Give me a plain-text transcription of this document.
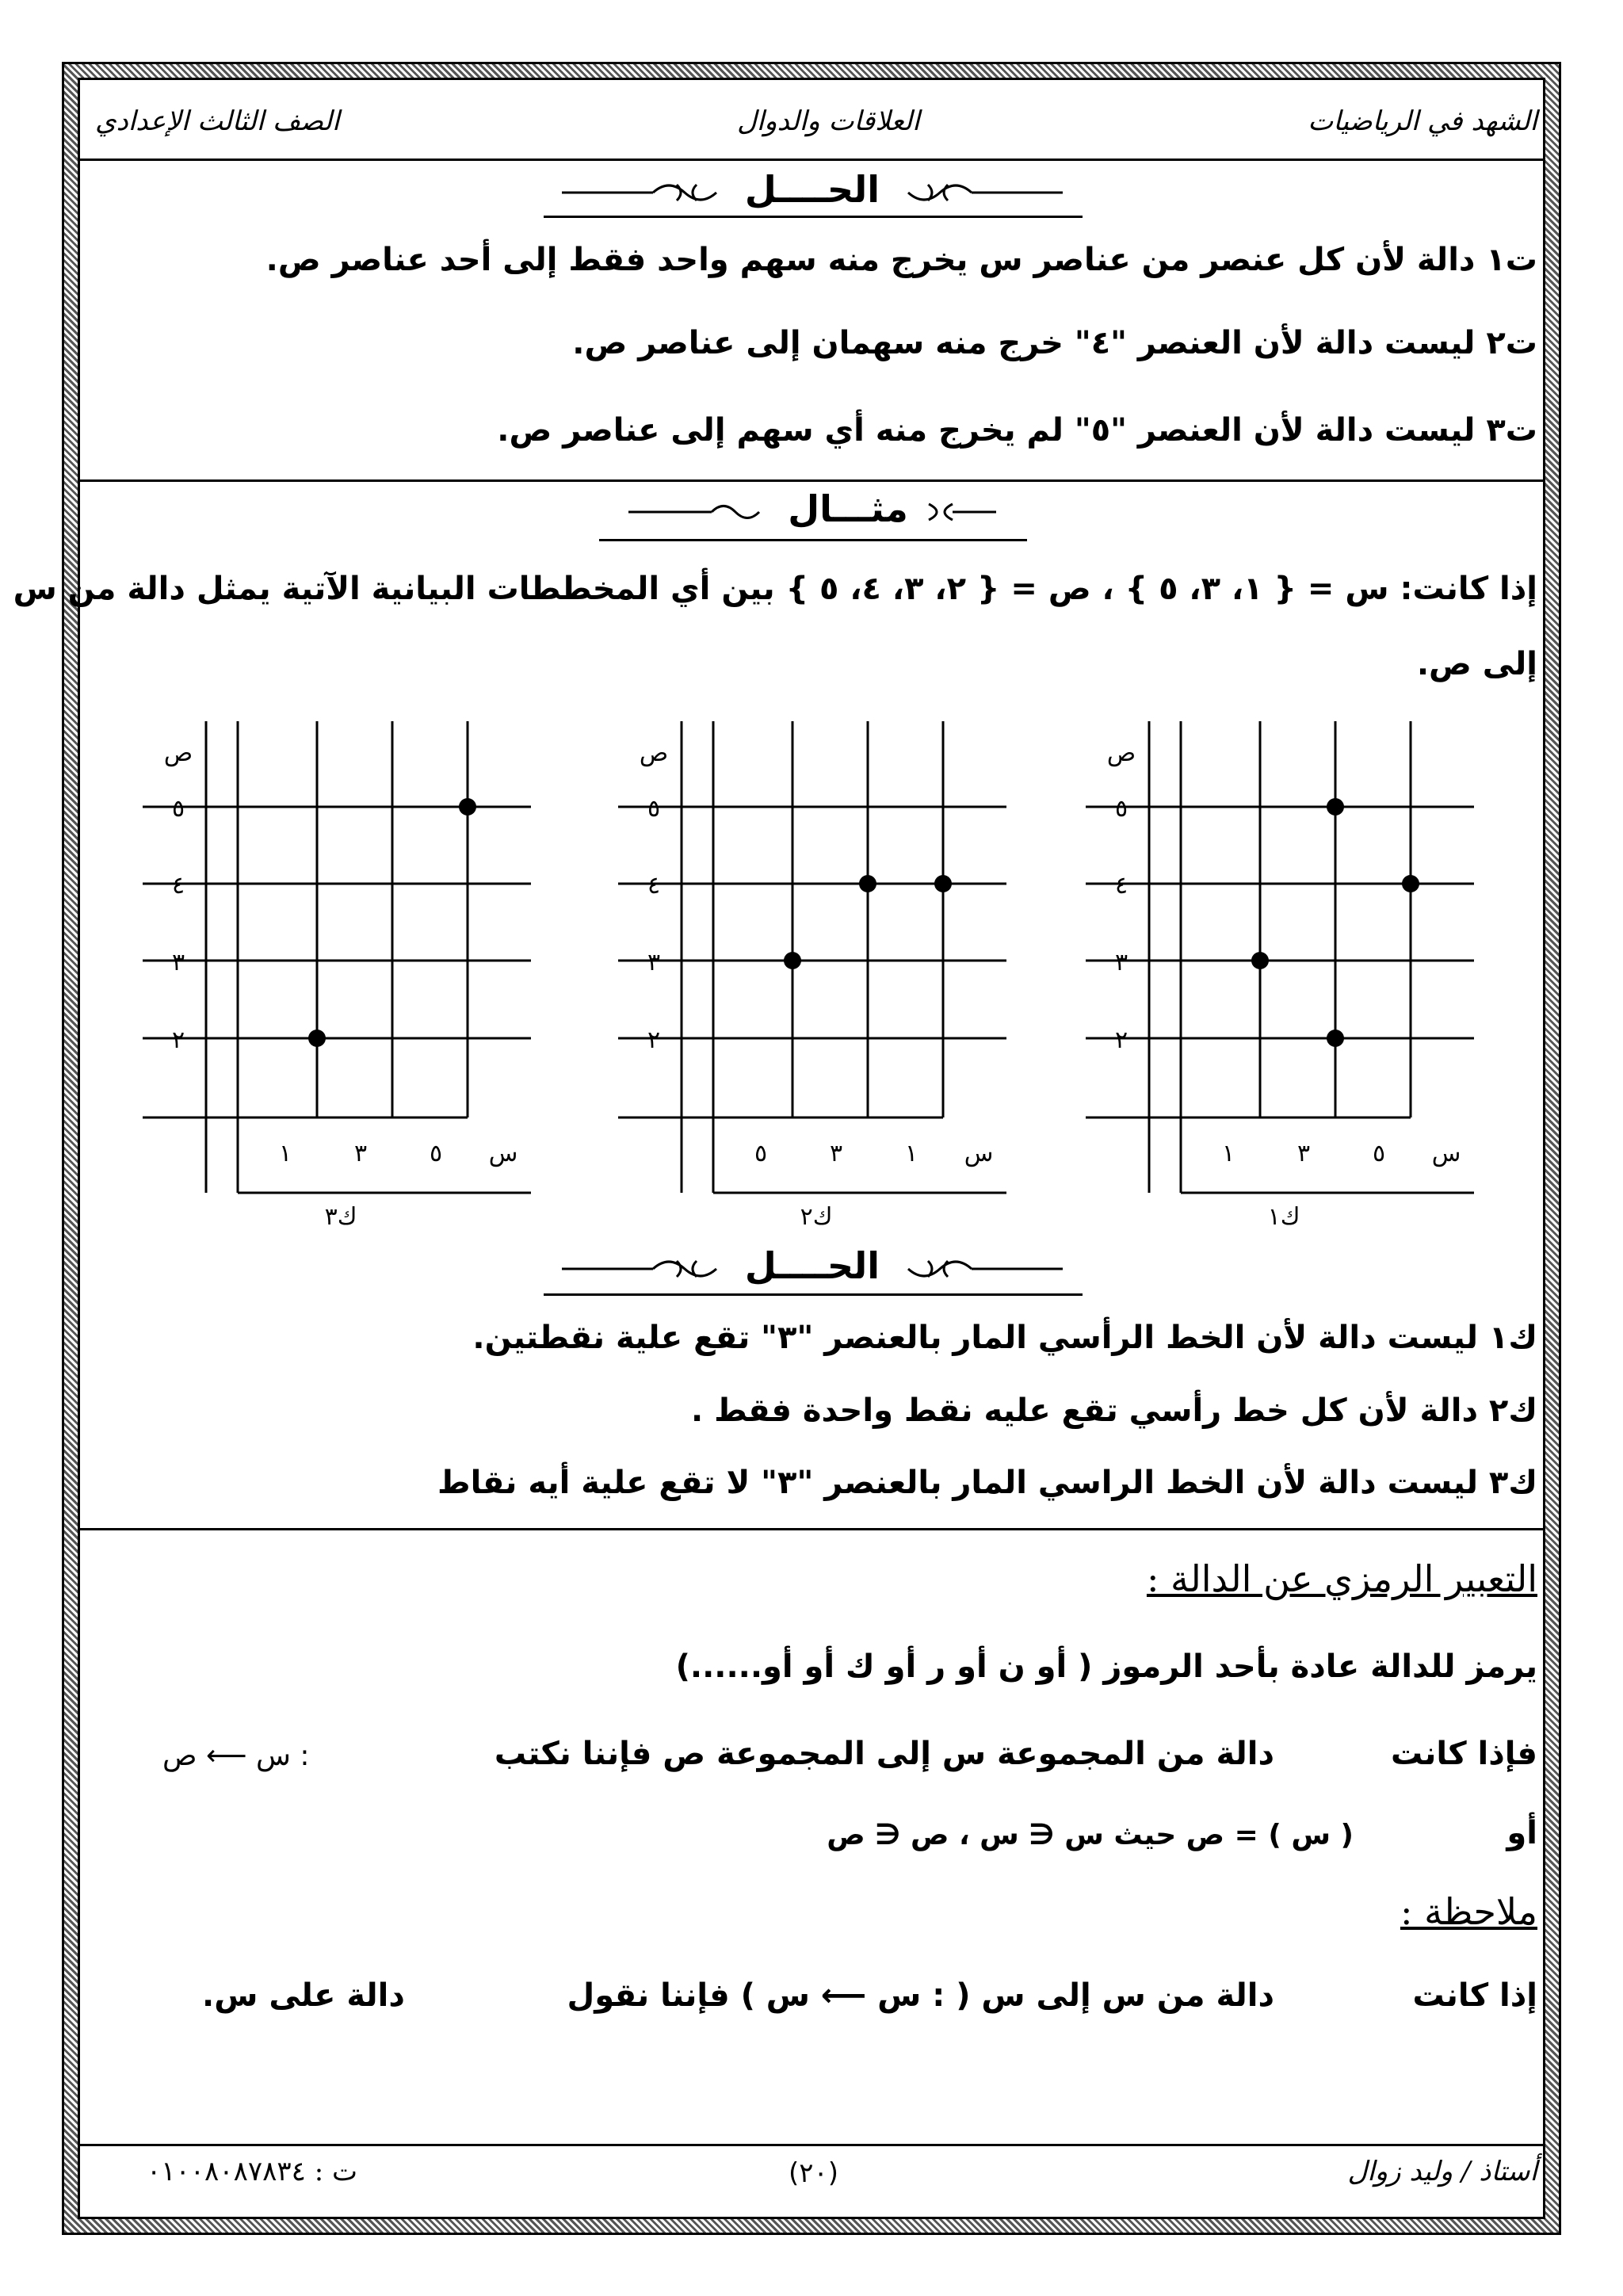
الشهد في الرياضيات
العلاقات والدوال
الصف الثالث الإعدادي
الحــــل
ت١ دالة لأن كل عنصر من عناصر س يخرج منه سهم واحد فقط إلى أحد عناصر ص.
ت٢ ليست دالة لأن العنصر "٤" خرج منه سهمان إلى عناصر ص.
ت٣ ليست دالة لأن العنصر "٥" لم يخرج منه أي سهم إلى عناصر ص.
مثـــال
إذا كانت: س = { ١، ٣، ٥ } ، ص = { ٢، ٣، ٤، ٥ } بين أي المخططات البيانية الآتية يمثل دالة من س
إلى ص.
ص
٥
٤
٣
٢
س
٥
٣
١
ك١
ص
٥
٤
٣
٢
س
١
٣
٥
ك٢
ص
٥
٤
٣
٢
س
٥
٣
١
ك٣
الحــــل
ك١ ليست دالة لأن الخط الرأسي المار بالعنصر "٣" تقع علية نقطتين.
ك٢ دالة لأن كل خط رأسي تقع عليه نقط واحدة فقط .
ك٣ ليست دالة لأن الخط الراسي المار بالعنصر "٣" لا تقع علية أيه نقاط
التعبير الرمزي عن الدالة :
يرمز للدالة عادة بأحد الرموز ( أو ن أو ر أو ك أو أو......)
فإذا كانت
دالة من المجموعة س إلى المجموعة ص فإننا نكتب
: س ⟵ ص
أو
( س ) = ص حيث س ∈ س ، ص ∈ ص
ملاحظة :
إذا كانت
دالة من س إلى س ( : س ⟵ س ) فإننا نقول
دالة على س.
أستاذ / وليد زوال
(٢٠)
ت : ٠١٠٠٨٠٨٧٨٣٤
